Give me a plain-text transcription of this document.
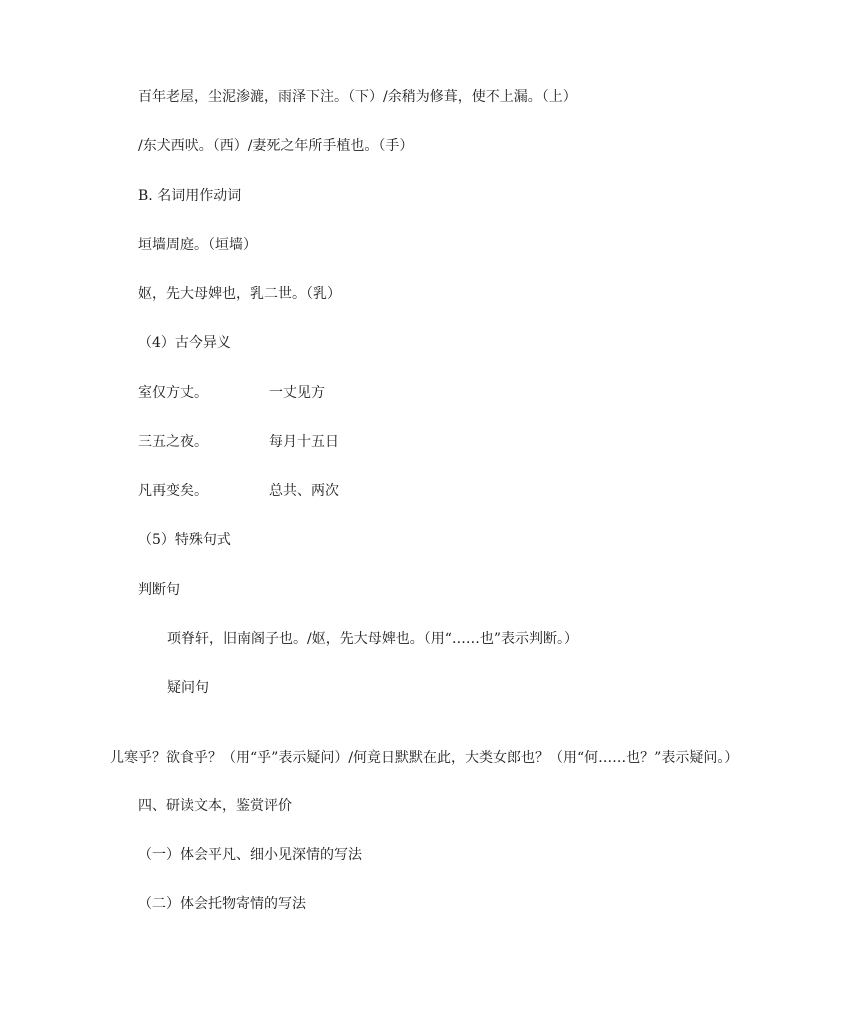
百年老屋，尘泥渗漉，雨泽下注。（下）/余稍为修葺，使不上漏。（上）
/东犬西吠。（西）/妻死之年所手植也。（手）
B. 名词用作动词
垣墙周庭。（垣墙）
妪，先大母婢也，乳二世。（乳）
（4）古今异义
室仅方丈。	一丈见方
三五之夜。	每月十五日
凡再变矣。	总共、两次
（5）特殊句式
判断句
项脊轩，旧南阁子也。/妪，先大母婢也。（用“……也”表示判断。）
疑问句
儿寒乎？欲食乎？（用“乎”表示疑问）/何竟日默默在此，大类女郎也？（用“何……也？”表示疑问。）
四、研读文本，鉴赏评价
（一）体会平凡、细小见深情的写法
（二）体会托物寄情的写法
